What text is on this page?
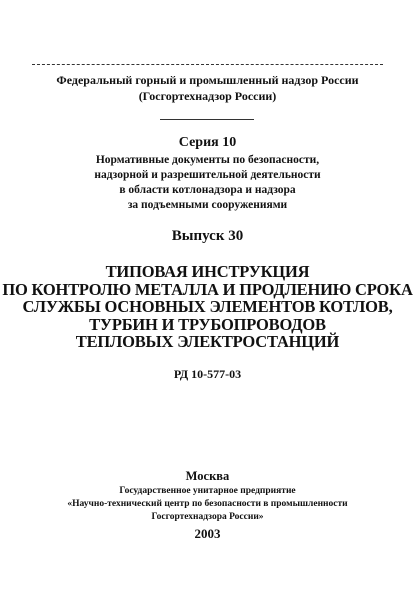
Федеральный горный и промышленный надзор России
(Госгортехнадзор России)
Серия 10
Нормативные документы по безопасности,
надзорной и разрешительной деятельности
в области котлонадзора и надзора
за подъемными сооружениями
Выпуск 30
ТИПОВАЯ ИНСТРУКЦИЯ
ПО КОНТРОЛЮ МЕТАЛЛА И ПРОДЛЕНИЮ СРОКА
СЛУЖБЫ ОСНОВНЫХ ЭЛЕМЕНТОВ КОТЛОВ,
ТУРБИН И ТРУБОПРОВОДОВ
ТЕПЛОВЫХ ЭЛЕКТРОСТАНЦИЙ
РД 10-577-03
Москва
Государственное унитарное предприятие
«Научно-технический центр по безопасности в промышленности
Госгортехнадзора России»
2003
